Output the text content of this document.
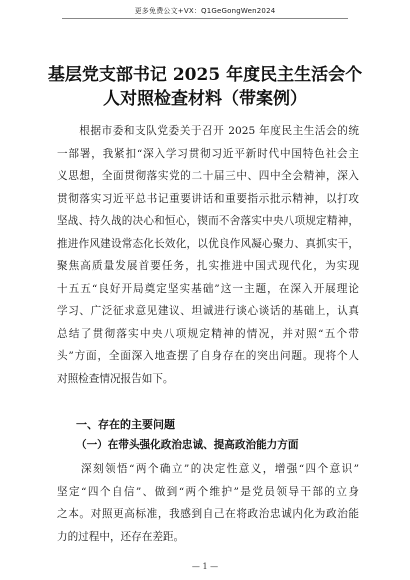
更多免费公文+VX：Q1GeGongWen2024
基层党支部书记 2025 年度民主生活会个
人对照检查材料（带案例）
　　根据市委和支队党委关于召开 2025 年度民主生活会的统
一部署，我紧扣“深入学习贯彻习近平新时代中国特色社会主
义思想，全面贯彻落实党的二十届三中、四中全会精神，深入
贯彻落实习近平总书记重要讲话和重要指示批示精神，以打攻
坚战、持久战的决心和恒心，锲而不舍落实中央八项规定精神，
推进作风建设常态化长效化，以优良作风凝心聚力、真抓实干，
聚焦高质量发展首要任务，扎实推进中国式现代化，为实现
十五五“良好开局奠定坚实基础”这一主题，在深入开展理论
学习、广泛征求意见建议、坦诚进行谈心谈话的基础上，认真
总结了贯彻落实中央八项规定精神的情况，并对照“五个带
头”方面，全面深入地查摆了自身存在的突出问题。现将个人
对照检查情况报告如下。
一、存在的主要问题
（一）在带头强化政治忠诚、提高政治能力方面
　　深刻领悟“两个确立”的决定性意义，增强“四个意识”
坚定“四个自信”、做到“两个维护”是党员领导干部的立身
之本。对照更高标准，我感到自己在将政治忠诚内化为政治能
力的过程中，还存在差距。
— 1 —
